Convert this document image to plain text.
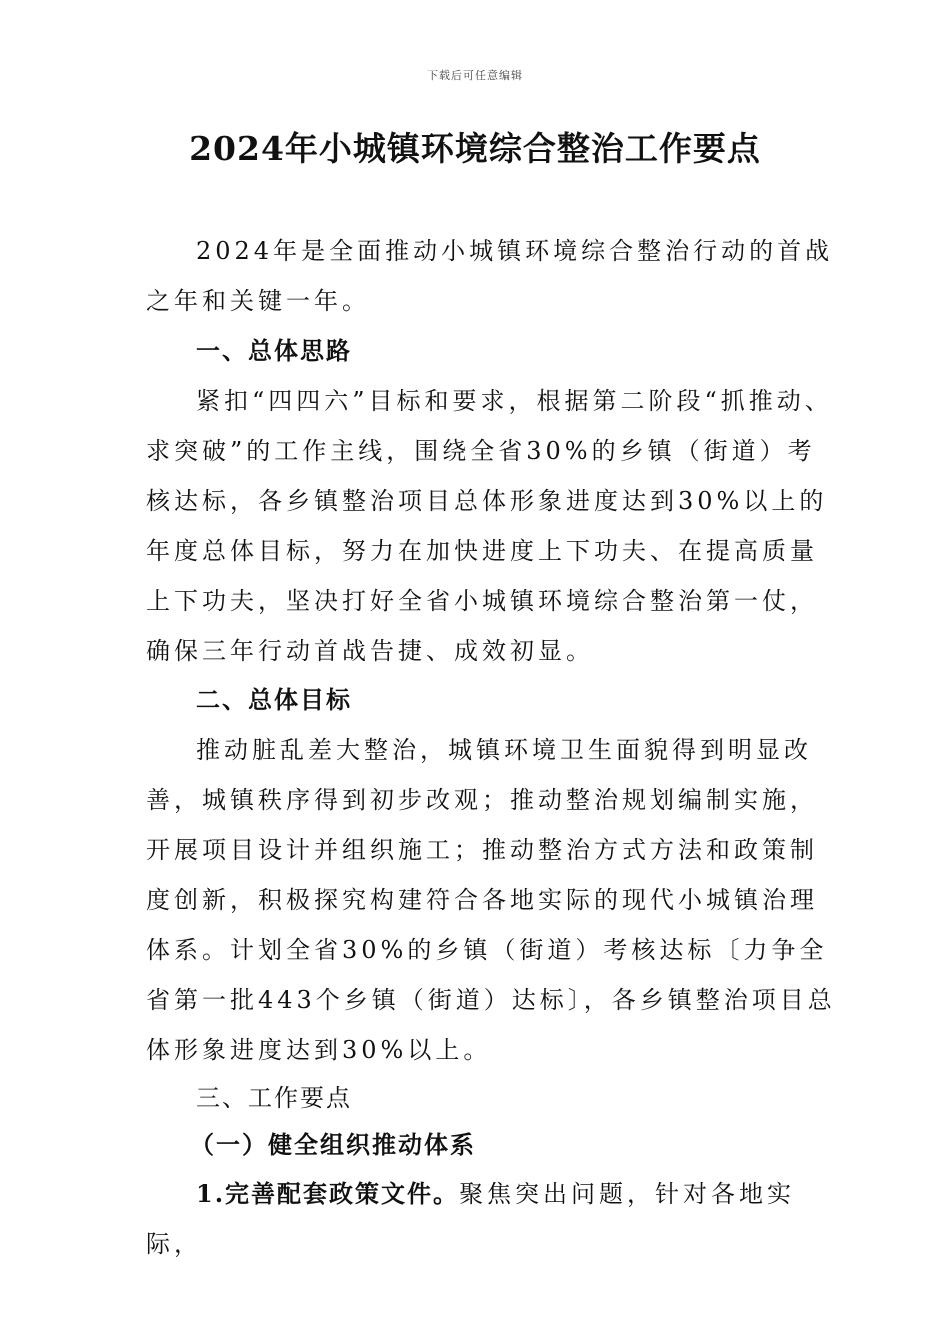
下载后可任意编辑
2024年小城镇环境综合整治工作要点

2024年是全面推动小城镇环境综合整治行动的首战之年和关键一年。

一、总体思路

紧扣“四四六”目标和要求，根据第二阶段“抓推动、求突破”的工作主线，围绕全省30%的乡镇（街道）考核达标，各乡镇整治项目总体形象进度达到30%以上的年度总体目标，努力在加快进度上下功夫、在提高质量上下功夫，坚决打好全省小城镇环境综合整治第一仗，确保三年行动首战告捷、成效初显。

二、总体目标

推动脏乱差大整治，城镇环境卫生面貌得到明显改善，城镇秩序得到初步改观；推动整治规划编制实施，开展项目设计并组织施工；推动整治方式方法和政策制度创新，积极探究构建符合各地实际的现代小城镇治理体系。计划全省30%的乡镇（街道）考核达标〔力争全省第一批443个乡镇（街道）达标〕，各乡镇整治项目总体形象进度达到30%以上。

三、工作要点

（一）健全组织推动体系

1.完善配套政策文件。聚焦突出问题，针对各地实际，
